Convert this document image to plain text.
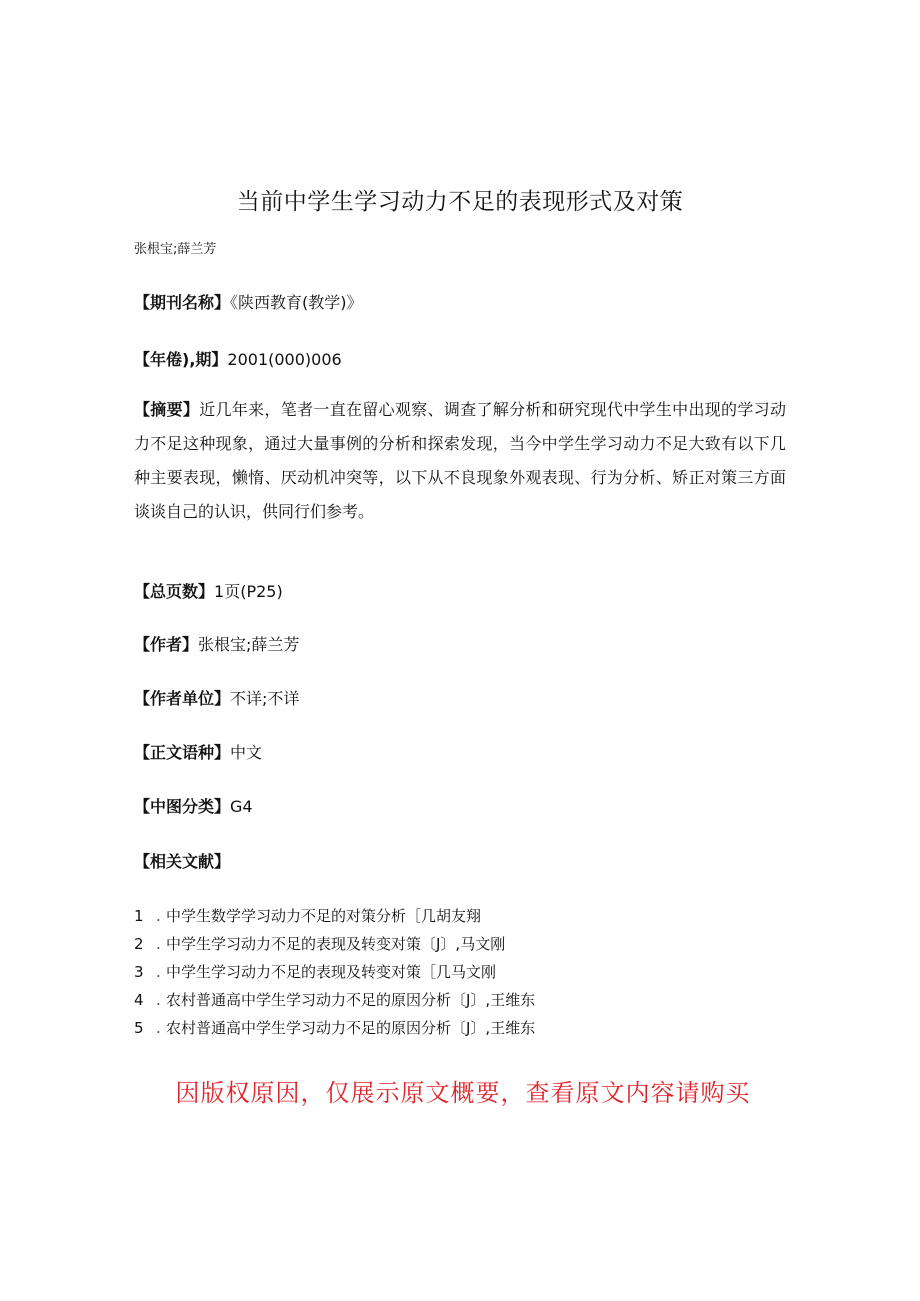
当前中学生学习动力不足的表现形式及对策
张根宝;薛兰芳
【期刊名称】《陕西教育(教学)》
【年倦),期】2001(000)006
【摘要】近几年来，笔者一直在留心观察、调查了解分析和研究现代中学生中出现的学习动力不足这种现象，通过大量事例的分析和探索发现，当今中学生学习动力不足大致有以下几种主要表现，懒惰、厌动机冲突等，以下从不良现象外观表现、行为分析、矫正对策三方面谈谈自己的认识，供同行们参考。
【总页数】1页(P25)
【作者】张根宝;薛兰芳
【作者单位】不详;不详
【正文语种】中文
【中图分类】G4
【相关文献】
1 . 中学生数学学习动力不足的对策分析［几胡友翔
2 . 中学生学习动力不足的表现及转变对策〔J〕,马文刚
3 . 中学生学习动力不足的表现及转变对策［几马文刚
4 . 农村普通高中学生学习动力不足的原因分析〔J〕,王维东
5 . 农村普通高中学生学习动力不足的原因分析〔J〕,王维东
因版权原因，仅展示原文概要，查看原文内容请购买
